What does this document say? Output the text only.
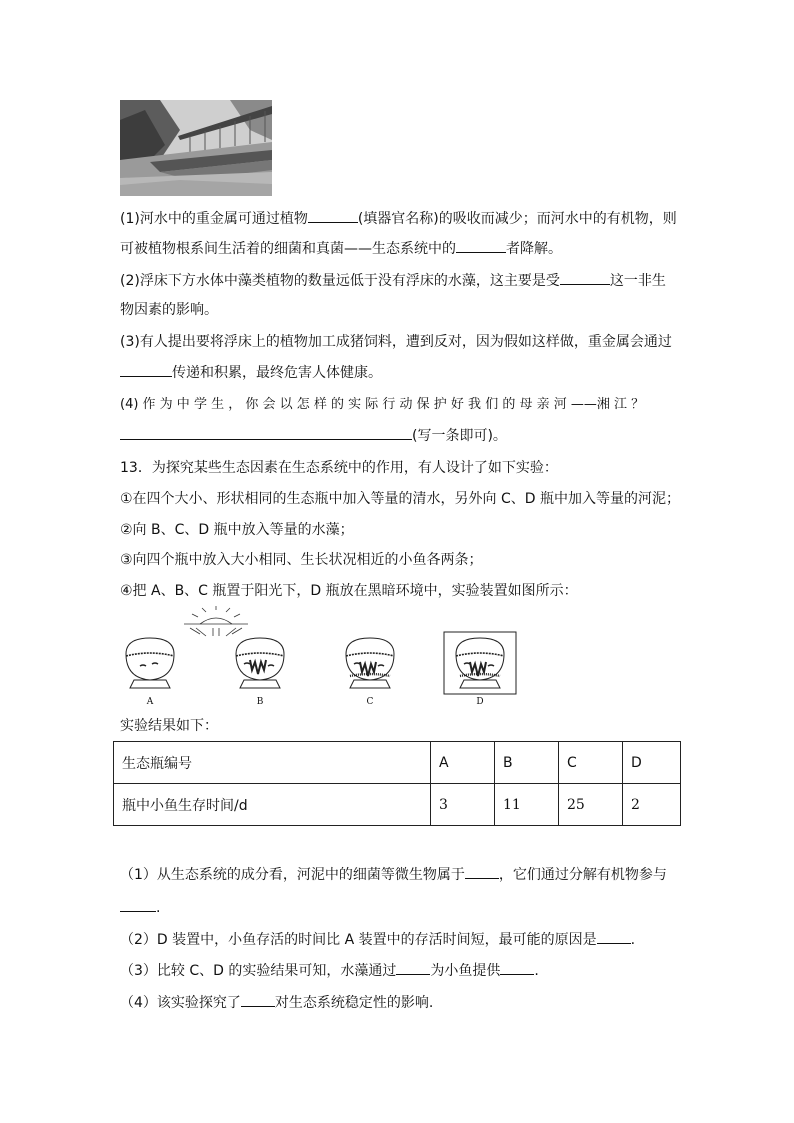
(1)河水中的重金属可通过植物	(填器官名称)的吸收而减少；而河水中的有机物，则
可被植物根系间生活着的细菌和真菌——生态系统中的	者降解。
(2)浮床下方水体中藻类植物的数量远低于没有浮床的水藻，这主要是受	这一非生
物因素的影响。
(3)有人提出要将浮床上的植物加工成猪饲料，遭到反对，因为假如这样做，重金属会通过
传递和积累，最终危害人体健康。
(4) 作 为 中 学 生 ， 你 会 以 怎 样 的 实 际 行 动 保 护 好 我 们 的 母 亲 河 ——湘 江 ？
(写一条即可)。
13．为探究某些生态因素在生态系统中的作用，有人设计了如下实验：
①在四个大小、形状相同的生态瓶中加入等量的清水，另外向 C、D 瓶中加入等量的河泥；
②向 B、C、D 瓶中放入等量的水藻；
③向四个瓶中放入大小相同、生长状况相近的小鱼各两条；
④把 A、B、C 瓶置于阳光下，D 瓶放在黑暗环境中，实验装置如图所示：
A	B	C	D
实验结果如下：
生态瓶编号	A	B	C	D
瓶中小鱼生存时间/d	3	11	25	2
（1）从生态系统的成分看，河泥中的细菌等微生物属于 ，它们通过分解有机物参与
.
（2）D 装置中，小鱼存活的时间比 A 装置中的存活时间短，最可能的原因是 .
（3）比较 C、D 的实验结果可知，水藻通过 为小鱼提供 .
（4）该实验探究了 对生态系统稳定性的影响.
